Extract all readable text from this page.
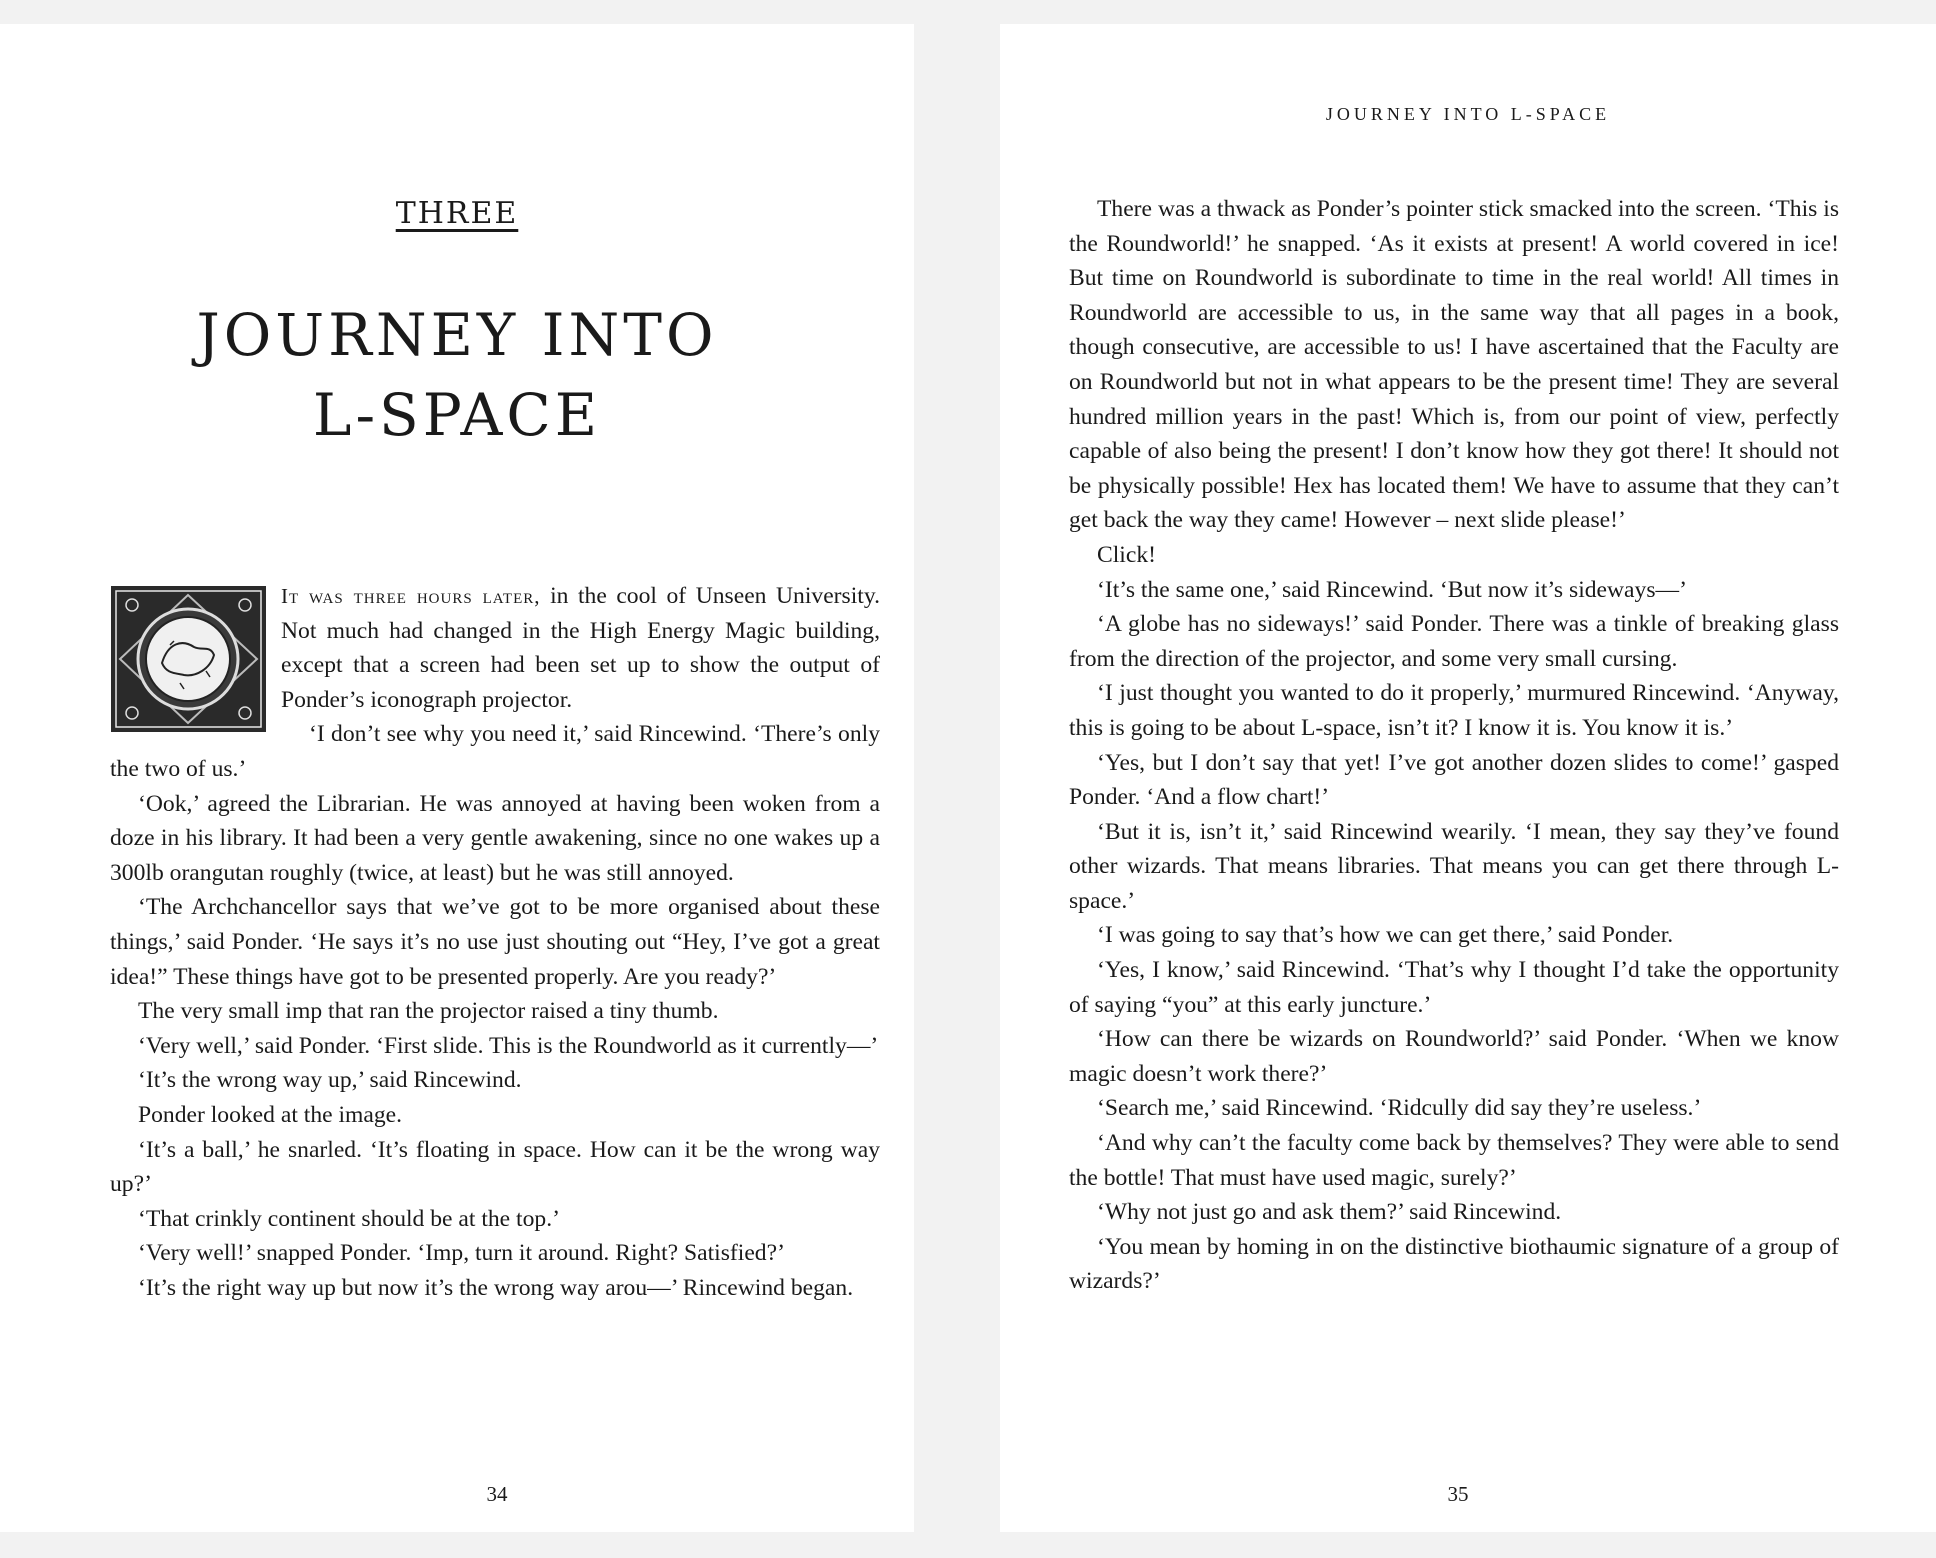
THREE
JOURNEY INTO
L-SPACE

It was three hours later, in the cool of Unseen University. Not much had changed in the High Energy Magic building, except that a screen had been set up to show the output of Ponder’s iconograph projector.

‘I don’t see why you need it,’ said Rincewind. ‘There’s only the two of us.’

‘Ook,’ agreed the Librarian. He was annoyed at having been woken from a doze in his library. It had been a very gentle awakening, since no one wakes up a 300lb orangutan roughly (twice, at least) but he was still annoyed.

‘The Archchancellor says that we’ve got to be more organised about these things,’ said Ponder. ‘He says it’s no use just shouting out “Hey, I’ve got a great idea!” These things have got to be presented properly. Are you ready?’

The very small imp that ran the projector raised a tiny thumb.

‘Very well,’ said Ponder. ‘First slide. This is the Roundworld as it currently—’

‘It’s the wrong way up,’ said Rincewind.

Ponder looked at the image.

‘It’s a ball,’ he snarled. ‘It’s floating in space. How can it be the wrong way up?’

‘That crinkly continent should be at the top.’

‘Very well!’ snapped Ponder. ‘Imp, turn it around. Right? Satisfied?’

‘It’s the right way up but now it’s the wrong way arou—’ Rincewind began.

34
JOURNEY INTO L-SPACE

There was a thwack as Ponder’s pointer stick smacked into the screen. ‘This is the Roundworld!’ he snapped. ‘As it exists at present! A world covered in ice! But time on Roundworld is subordinate to time in the real world! All times in Roundworld are accessible to us, in the same way that all pages in a book, though consecutive, are accessible to us! I have ascertained that the Faculty are on Roundworld but not in what appears to be the present time! They are several hundred million years in the past! Which is, from our point of view, perfectly capable of also being the present! I don’t know how they got there! It should not be physically possible! Hex has located them! We have to assume that they can’t get back the way they came! However – next slide please!’

Click!

‘It’s the same one,’ said Rincewind. ‘But now it’s sideways—’

‘A globe has no sideways!’ said Ponder. There was a tinkle of breaking glass from the direction of the projector, and some very small cursing.

‘I just thought you wanted to do it properly,’ murmured Rincewind. ‘Anyway, this is going to be about L-space, isn’t it? I know it is. You know it is.’

‘Yes, but I don’t say that yet! I’ve got another dozen slides to come!’ gasped Ponder. ‘And a flow chart!’

‘But it is, isn’t it,’ said Rincewind wearily. ‘I mean, they say they’ve found other wizards. That means libraries. That means you can get there through L-space.’

‘I was going to say that’s how we can get there,’ said Ponder.

‘Yes, I know,’ said Rincewind. ‘That’s why I thought I’d take the opportunity of saying “you” at this early juncture.’

‘How can there be wizards on Roundworld?’ said Ponder. ‘When we know magic doesn’t work there?’

‘Search me,’ said Rincewind. ‘Ridcully did say they’re useless.’

‘And why can’t the faculty come back by themselves? They were able to send the bottle! That must have used magic, surely?’

‘Why not just go and ask them?’ said Rincewind.

‘You mean by homing in on the distinctive biothaumic signature of a group of wizards?’

35
